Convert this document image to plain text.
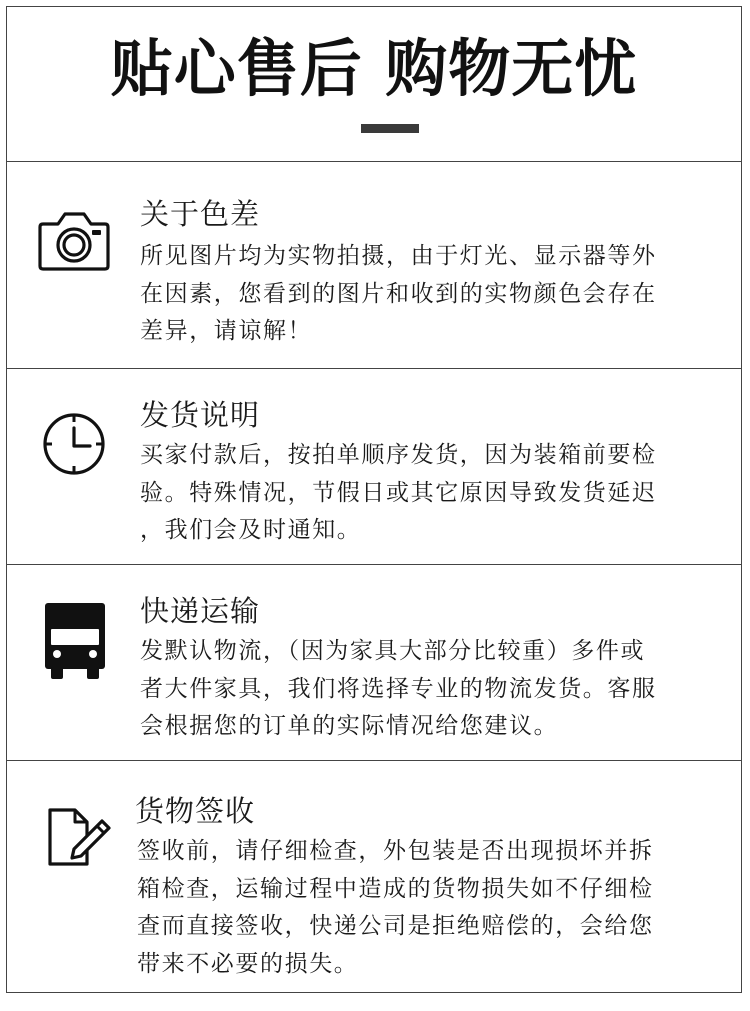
贴心售后 购物无忧
关于色差
所见图片均为实物拍摄，由于灯光、显示器等外
在因素，您看到的图片和收到的实物颜色会存在
差异，请谅解！
发货说明
买家付款后，按拍单顺序发货，因为装箱前要检
验。特殊情况，节假日或其它原因导致发货延迟
，我们会及时通知。
快递运输
发默认物流，（因为家具大部分比较重）多件或
者大件家具，我们将选择专业的物流发货。客服
会根据您的订单的实际情况给您建议。
货物签收
签收前，请仔细检查，外包装是否出现损坏并拆
箱检查，运输过程中造成的货物损失如不仔细检
查而直接签收，快递公司是拒绝赔偿的，会给您
带来不必要的损失。
